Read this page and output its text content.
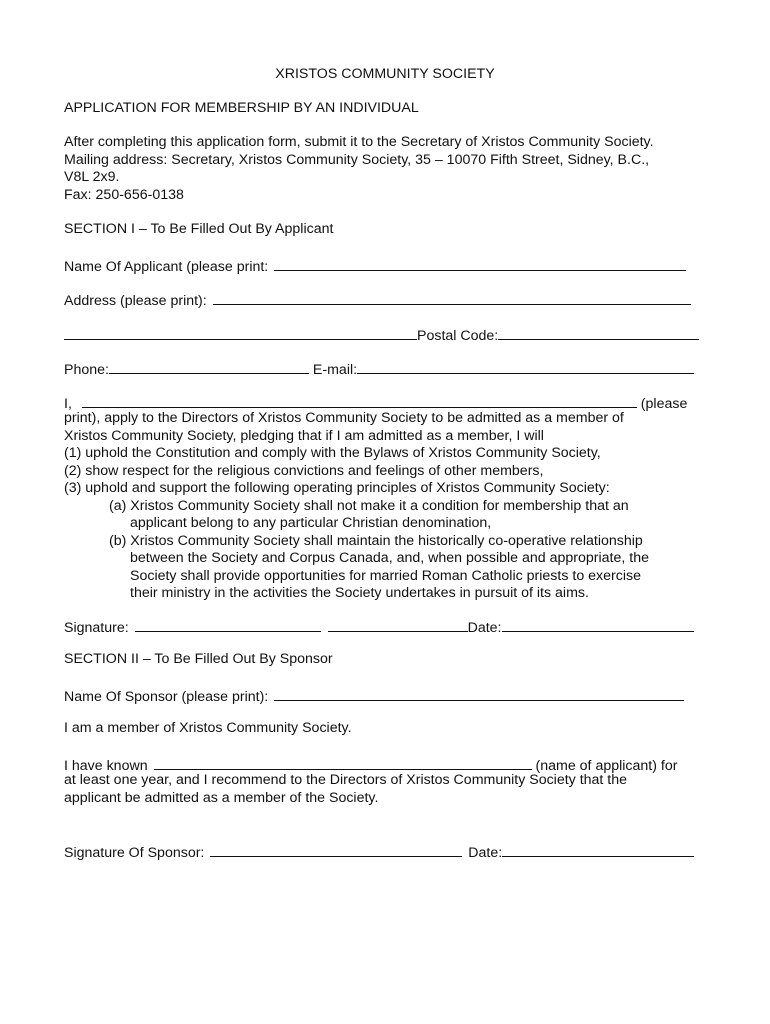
XRISTOS COMMUNITY SOCIETY
APPLICATION FOR MEMBERSHIP BY AN INDIVIDUAL
After completing this application form, submit it to the Secretary of Xristos Community Society.
Mailing address: Secretary, Xristos Community Society, 35 – 10070 Fifth Street, Sidney, B.C.,
V8L 2x9.
Fax: 250-656-0138
SECTION I – To Be Filled Out By Applicant
Name Of Applicant (please print:
Address (please print):
Postal Code:
Phone:	E-mail:
I,	(please
print), apply to the Directors of Xristos Community Society to be admitted as a member of
Xristos Community Society, pledging that if I am admitted as a member, I will
(1) uphold the Constitution and comply with the Bylaws of Xristos Community Society,
(2) show respect for the religious convictions and feelings of other members,
(3) uphold and support the following operating principles of Xristos Community Society:
(a) Xristos Community Society shall not make it a condition for membership that an
applicant belong to any particular Christian denomination,
(b) Xristos Community Society shall maintain the historically co-operative relationship
between the Society and Corpus Canada, and, when possible and appropriate, the
Society shall provide opportunities for married Roman Catholic priests to exercise
their ministry in the activities the Society undertakes in pursuit of its aims.
Signature:	Date:
SECTION II – To Be Filled Out By Sponsor
Name Of Sponsor (please print):
I am a member of Xristos Community Society.
I have known	(name of applicant) for
at least one year, and I recommend to the Directors of Xristos Community Society that the
applicant be admitted as a member of the Society.
Signature Of Sponsor:	Date:
